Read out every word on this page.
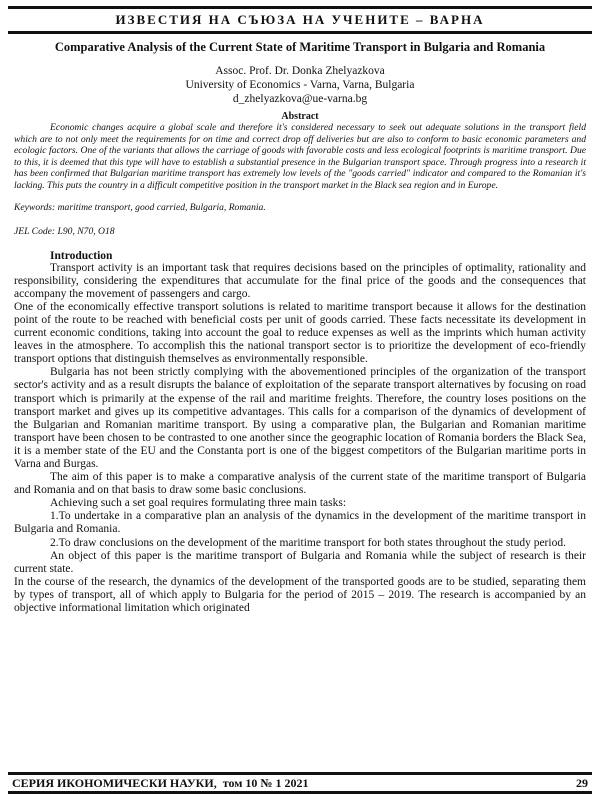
ИЗВЕСТИЯ НА СЪЮЗА НА УЧЕНИТЕ – ВАРНА
Comparative Analysis of the Current State of Maritime Transport in Bulgaria and Romania
Assoc. Prof. Dr. Donka Zhelyazkova
University of Economics - Varna, Varna, Bulgaria
d_zhelyazkova@ue-varna.bg
Abstract
Economic changes acquire a global scale and therefore it's considered necessary to seek out adequate solutions in the transport field which are to not only meet the requirements for on time and correct drop off deliveries but are also to conform to basic economic parameters and ecologic factors. One of the variants that allows the carriage of goods with favorable costs and less ecological footprints is maritime transport. Due to this, it is deemed that this type will have to establish a substantial presence in the Bulgarian transport space. Through progress into a research it has been confirmed that Bulgarian maritime transport has extremely low levels of the "goods carried" indicator and compared to the Romanian it's lacking. This puts the country in a difficult competitive position in the transport market in the Black sea region and in Europe.
Keywords: maritime transport, good carried, Bulgaria, Romania.
JEL Code: L90, N70, O18
Introduction

Transport activity is an important task that requires decisions based on the principles of optimality, rationality and responsibility, considering the expenditures that accumulate for the final price of the goods and the consequences that accompany the movement of passengers and cargo.

One of the economically effective transport solutions is related to maritime transport because it allows for the destination point of the route to be reached with beneficial costs per unit of goods carried. These facts necessitate its development in current economic conditions, taking into account the goal to reduce expenses as well as the imprints which human activity leaves in the atmosphere. To accomplish this the national transport sector is to prioritize the development of eco-friendly transport options that distinguish themselves as environmentally responsible.

Bulgaria has not been strictly complying with the abovementioned principles of the organization of the transport sector's activity and as a result disrupts the balance of exploitation of the separate transport alternatives by focusing on road transport which is primarily at the expense of the rail and maritime freights. Therefore, the country loses positions on the transport market and gives up its competitive advantages. This calls for a comparison of the dynamics of development of the Bulgarian and Romanian maritime transport. By using a comparative plan, the Bulgarian and Romanian maritime transport have been chosen to be contrasted to one another since the geographic location of Romania borders the Black Sea, it is a member state of the EU and the Constanta port is one of the biggest competitors of the Bulgarian maritime ports in Varna and Burgas.

The aim of this paper is to make a comparative analysis of the current state of the maritime transport of Bulgaria and Romania and on that basis to draw some basic conclusions.

Achieving such a set goal requires formulating three main tasks:

1.To undertake in a comparative plan an analysis of the dynamics in the development of the maritime transport in Bulgaria and Romania.

2.To draw conclusions on the development of the maritime transport for both states throughout the study period.

An object of this paper is the maritime transport of Bulgaria and Romania while the subject of research is their current state.

In the course of the research, the dynamics of the development of the transported goods are to be studied, separating them by types of transport, all of which apply to Bulgaria for the period of 2015 – 2019. The research is accompanied by an objective informational limitation which originated

СЕРИЯ ИКОНОМИЧЕСКИ НАУКИ, том 10 № 1 2021	29
